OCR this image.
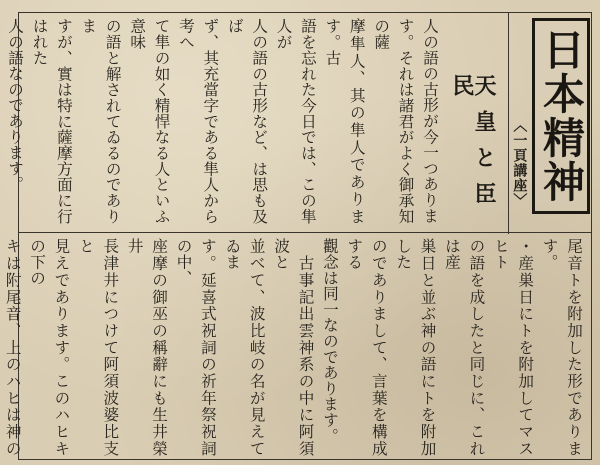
日本精神
〈一頁講座〉
天皇と臣民
人の語の古形が今一つありま
す。それは諸君がよく御承知の薩
摩隼人、其の隼人であります。古
語を忘れた今日では、この隼人が
人の語の古形など、は思も及ば
ず、其充當字である隼人から考へ
て隼の如く精悍なる人といふ意味
の語と解されてゐるのでありま
すが、實は特に薩摩方面に行はれた
人の語なのであります。

尾音トを附加した形であります。
・産巣日にトを附加してマスヒト
の語を成したと同じに、これは産
巣日と並ぶ神の語にトを附加した
のでありまして、言葉を構成する
觀念は同一なのであります。
　古事記出雲神系の中に阿須波と
並べて、波比岐の名が見えてゐま
す。延喜式祝詞の祈年祭祝詞の中、
座摩の御巫の稱辭にも生井榮井
長津井につけて阿須波婆比支と
見えであります。このハヒキの下の
キは附尾音、上のハヒは神の
